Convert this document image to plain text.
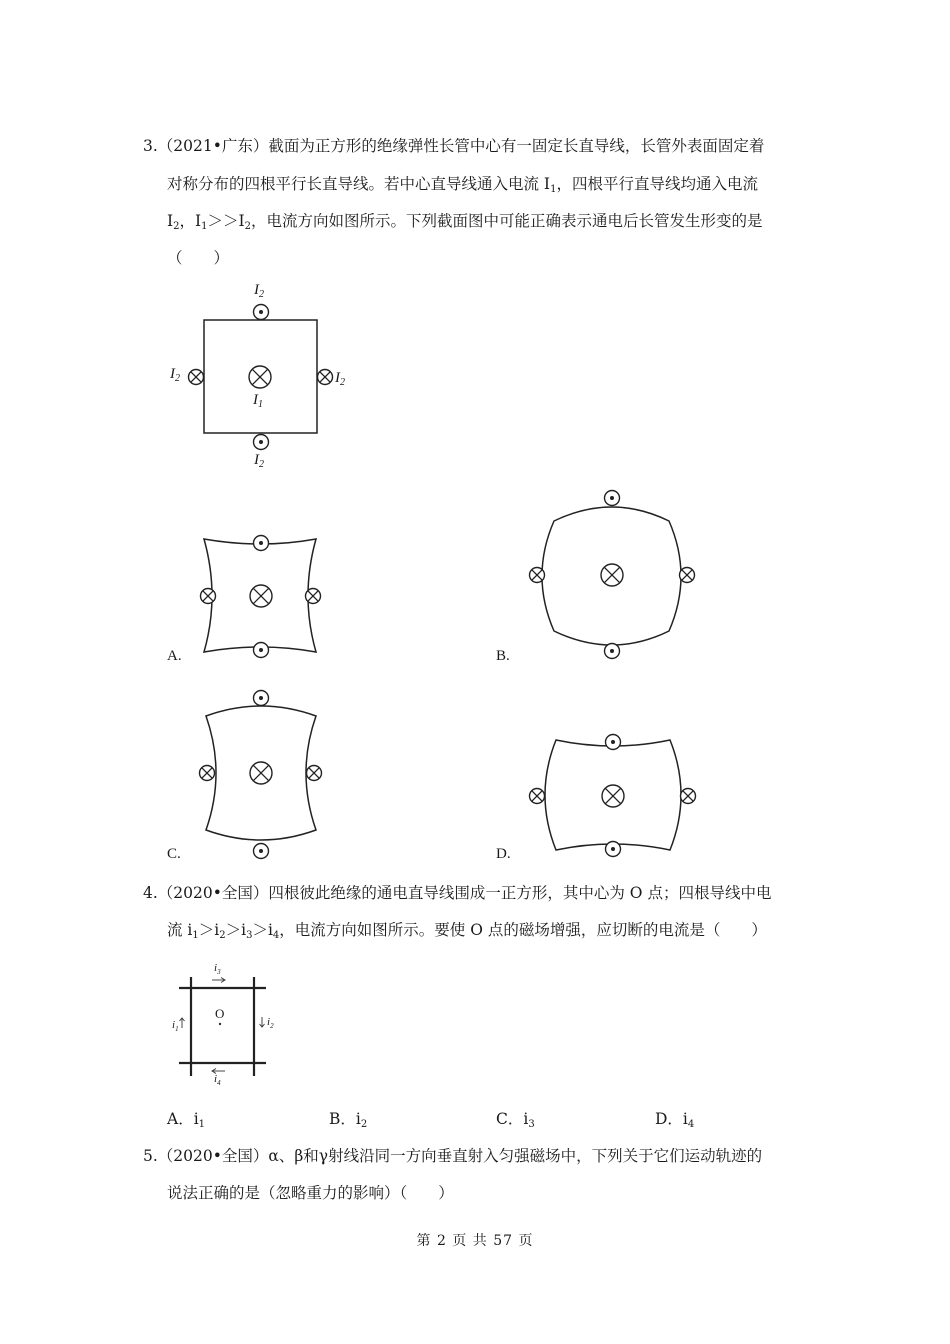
3.（2021•广东）截面为正方形的绝缘弹性长管中心有一固定长直导线，长管外表面固定着
对称分布的四根平行长直导线。若中心直导线通入电流 $I_1$，四根平行直导线均通入电流
$I_2$，$I_1>>I_2$，电流方向如图所示。下列截面图中可能正确表示通电后长管发生形变的是
（　　）
$I_2$
$I_2$
$I_2$	$I_2$
$I_1$
A.	B.
C.	D.
4.（2020•全国）四根彼此绝缘的通电直导线围成一正方形，其中心为 O 点；四根导线中电
流 $i_1>i_2>i_3>i_4$，电流方向如图所示。要使 O 点的磁场增强，应切断的电流是（　　）
$i_3$
$i_1$
$i_2$
$i_4$
O
A．$i_1$	B．$i_2$	C．$i_3$	D．$i_4$
5.（2020•全国）α、β和γ射线沿同一方向垂直射入匀强磁场中，下列关于它们运动轨迹的
说法正确的是（忽略重力的影响）（　　）
第 2 页 共 57 页
